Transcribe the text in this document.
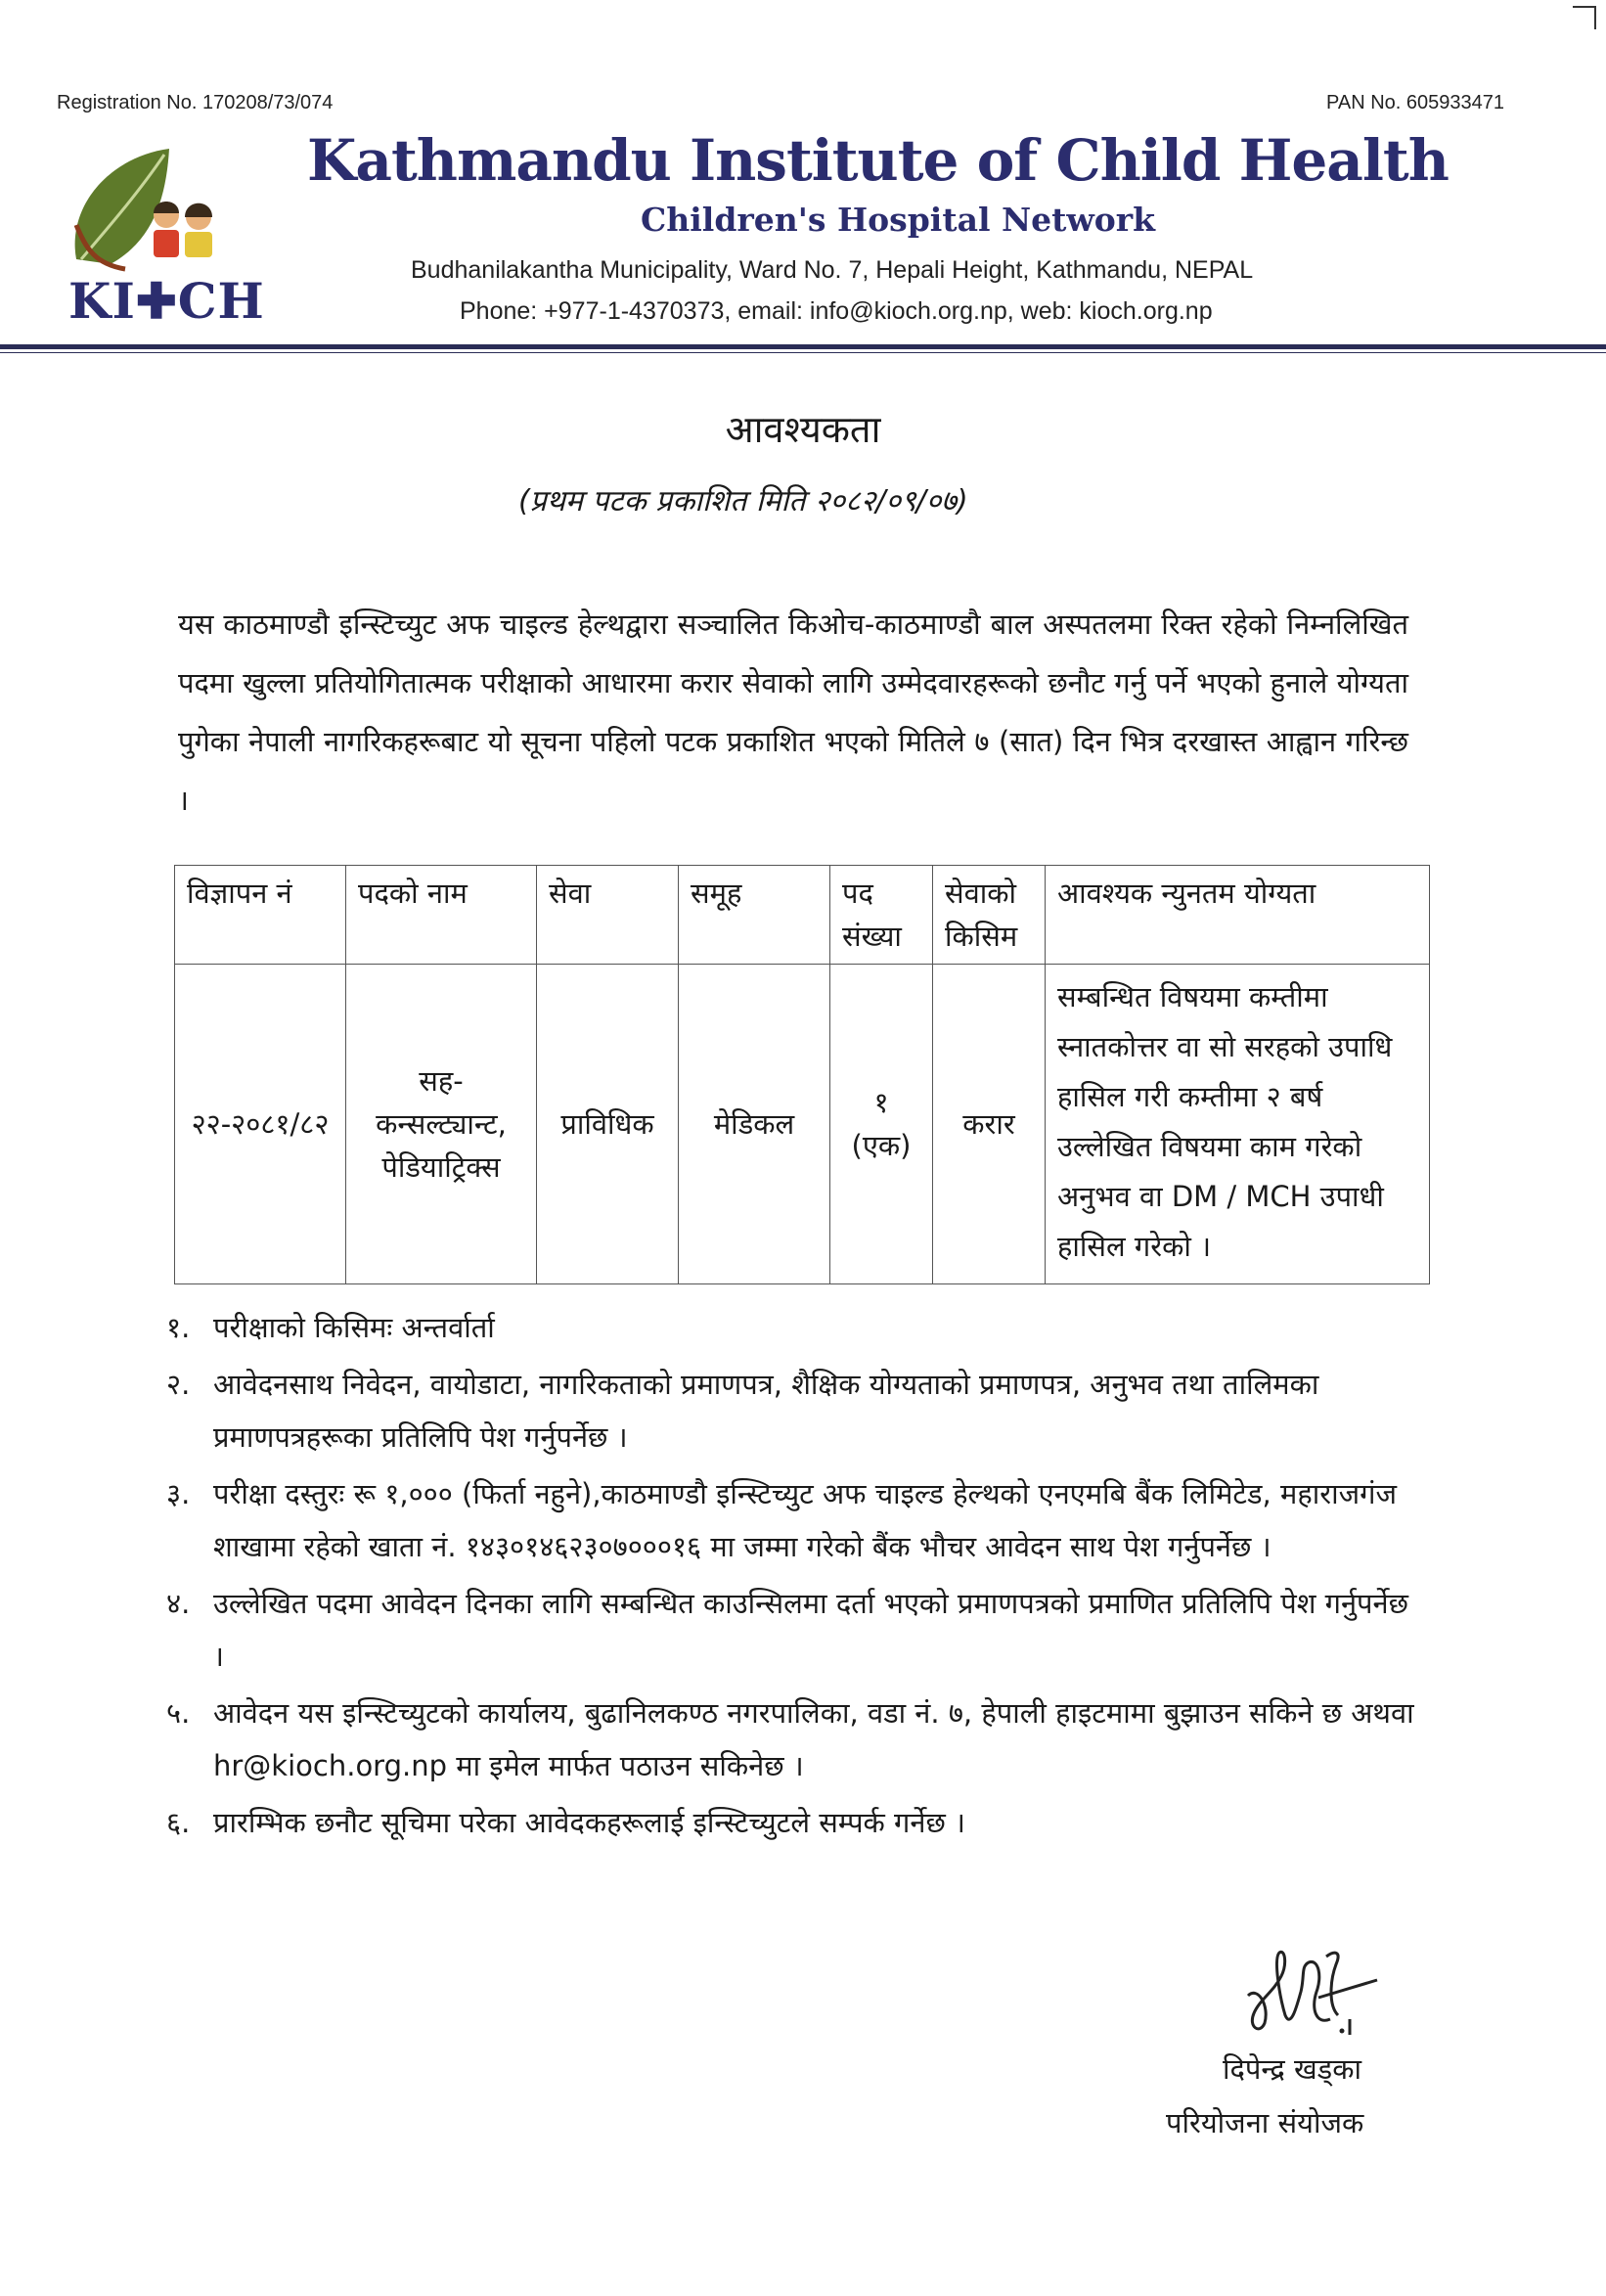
Registration No. 170208/73/074	PAN No. 605933471
KI✚CH
Kathmandu Institute of Child Health
Children's Hospital Network
Budhanilakantha Municipality, Ward No. 7, Hepali Height, Kathmandu, NEPAL
Phone: +977-1-4370373, email: info@kioch.org.np, web: kioch.org.np
आवश्यकता
(प्रथम पटक प्रकाशित मिति २०८२/०९/०७)
यस काठमाण्डौ इन्स्टिच्युट अफ चाइल्ड हेल्थद्वारा सञ्चालित किओच-काठमाण्डौ बाल अस्पतलमा रिक्त रहेको निम्नलिखित पदमा खुल्ला प्रतियोगितात्मक परीक्षाको आधारमा करार सेवाको लागि उम्मेदवारहरूको छनौट गर्नु पर्ने भएको हुनाले योग्यता पुगेका नेपाली नागरिकहरूबाट यो सूचना पहिलो पटक प्रकाशित भएको मितिले ७ (सात) दिन भित्र दरखास्त आह्वान गरिन्छ ।
विज्ञापन नं	पदको नाम	सेवा	समूह	पद संख्या	सेवाको किसिम	आवश्यक न्युनतम योग्यता
२२-२०८१/८२	सह-कन्सल्ट्यान्ट, पेडियाट्रिक्स	प्राविधिक	मेडिकल	१ (एक)	करार	सम्बन्धित विषयमा कम्तीमा स्नातकोत्तर वा सो सरहको उपाधि हासिल गरी कम्तीमा २ बर्ष उल्लेखित विषयमा काम गरेको अनुभव वा DM / MCH उपाधी हासिल गरेको ।
१. परीक्षाको किसिमः अन्तर्वार्ता
२. आवेदनसाथ निवेदन, वायोडाटा, नागरिकताको प्रमाणपत्र, शैक्षिक योग्यताको प्रमाणपत्र, अनुभव तथा तालिमका प्रमाणपत्रहरूका प्रतिलिपि पेश गर्नुपर्नेछ ।
३. परीक्षा दस्तुरः रू १,००० (फिर्ता नहुने),काठमाण्डौ इन्स्टिच्युट अफ चाइल्ड हेल्थको एनएमबि बैंक लिमिटेड, महाराजगंज शाखामा रहेको खाता नं. १४३०१४६२३०७०००१६ मा जम्मा गरेको बैंक भौचर आवेदन साथ पेश गर्नुपर्नेछ ।
४. उल्लेखित पदमा आवेदन दिनका लागि सम्बन्धित काउन्सिलमा दर्ता भएको प्रमाणपत्रको प्रमाणित प्रतिलिपि पेश गर्नुपर्नेछ ।
५. आवेदन यस इन्स्टिच्युटको कार्यालय, बुढानिलकण्ठ नगरपालिका, वडा नं. ७, हेपाली हाइटमामा बुझाउन सकिने छ अथवा hr@kioch.org.np मा इमेल मार्फत पठाउन सकिनेछ ।
६. प्रारम्भिक छनौट सूचिमा परेका आवेदकहरूलाई इन्स्टिच्युटले सम्पर्क गर्नेछ ।
दिपेन्द्र खड्का
परियोजना संयोजक
